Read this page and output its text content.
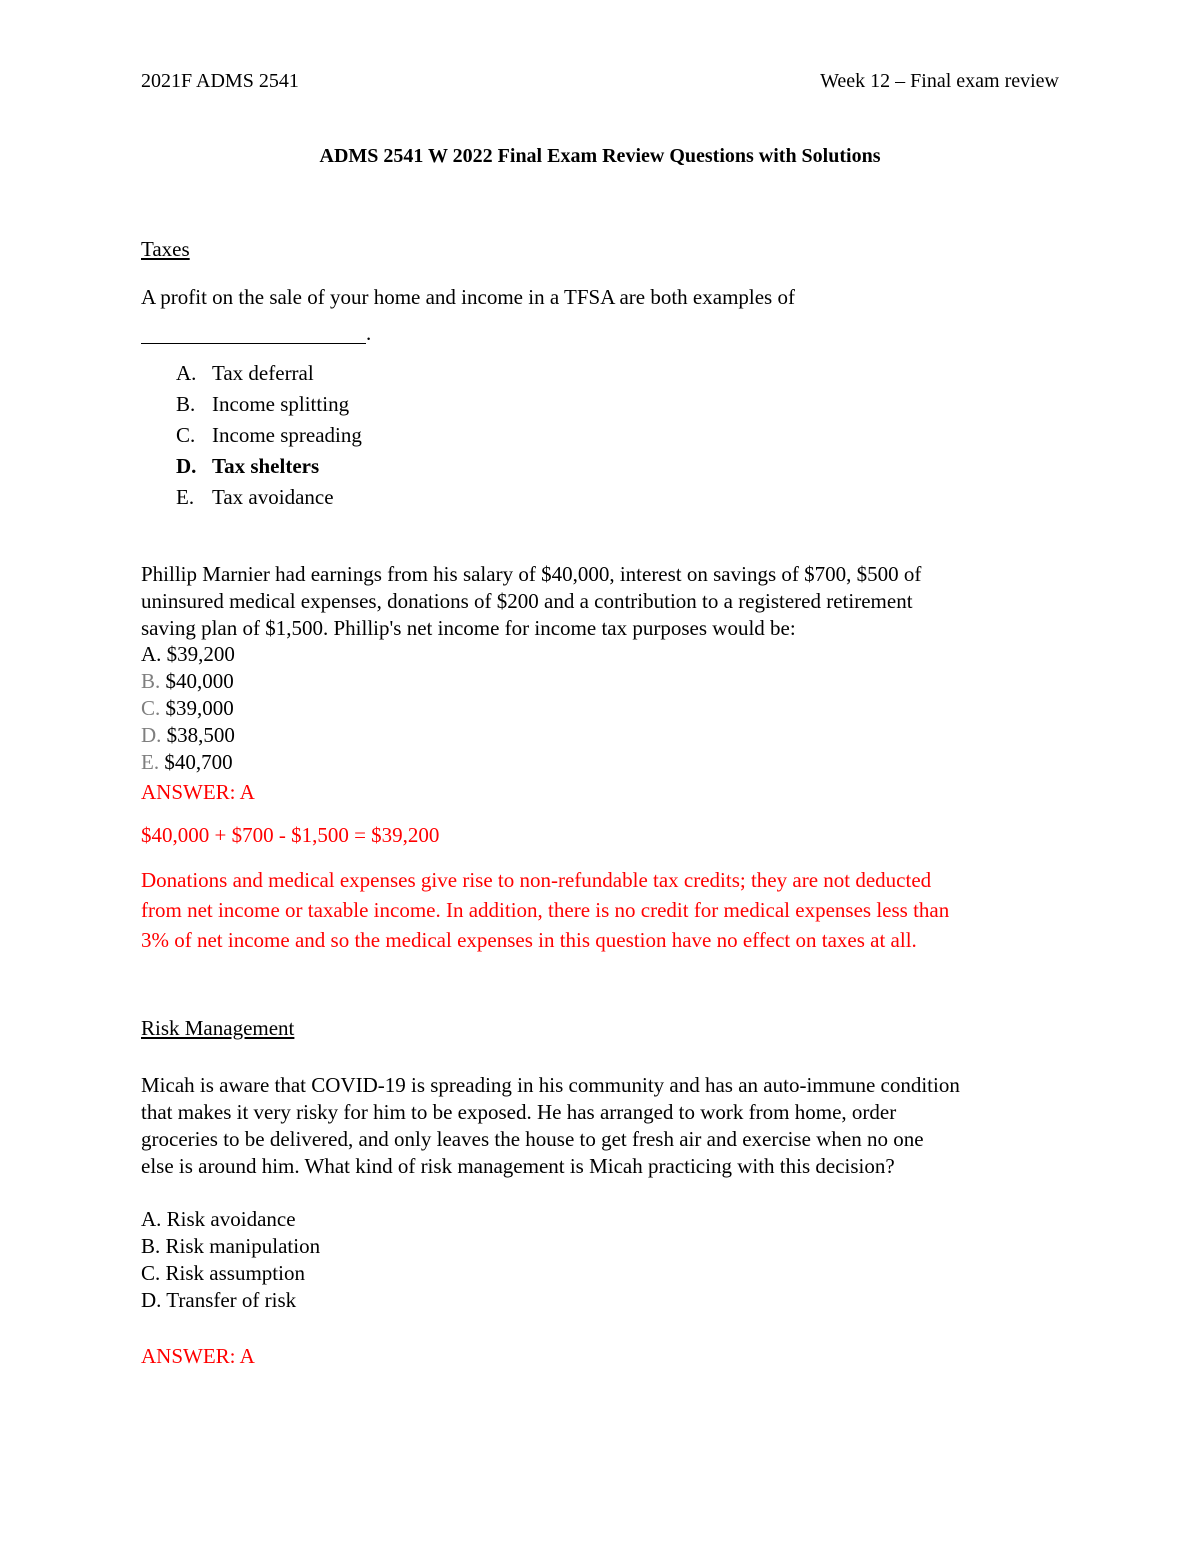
2021F ADMS 2541	Week 12 – Final exam review
ADMS 2541 W 2022 Final Exam Review Questions with Solutions
Taxes
A profit on the sale of your home and income in a TFSA are both examples of
.
A. Tax deferral
B. Income splitting
C. Income spreading
D. Tax shelters
E. Tax avoidance
Phillip Marnier had earnings from his salary of $40,000, interest on savings of $700, $500 of
uninsured medical expenses, donations of $200 and a contribution to a registered retirement
saving plan of $1,500. Phillip's net income for income tax purposes would be:
A. $39,200
B. $40,000
C. $39,000
D. $38,500
E. $40,700
ANSWER: A
$40,000 + $700 - $1,500 = $39,200
Donations and medical expenses give rise to non-refundable tax credits; they are not deducted
from net income or taxable income. In addition, there is no credit for medical expenses less than
3% of net income and so the medical expenses in this question have no effect on taxes at all.
Risk Management
Micah is aware that COVID-19 is spreading in his community and has an auto-immune condition
that makes it very risky for him to be exposed. He has arranged to work from home, order
groceries to be delivered, and only leaves the house to get fresh air and exercise when no one
else is around him. What kind of risk management is Micah practicing with this decision?
A. Risk avoidance
B. Risk manipulation
C. Risk assumption
D. Transfer of risk
ANSWER: A
